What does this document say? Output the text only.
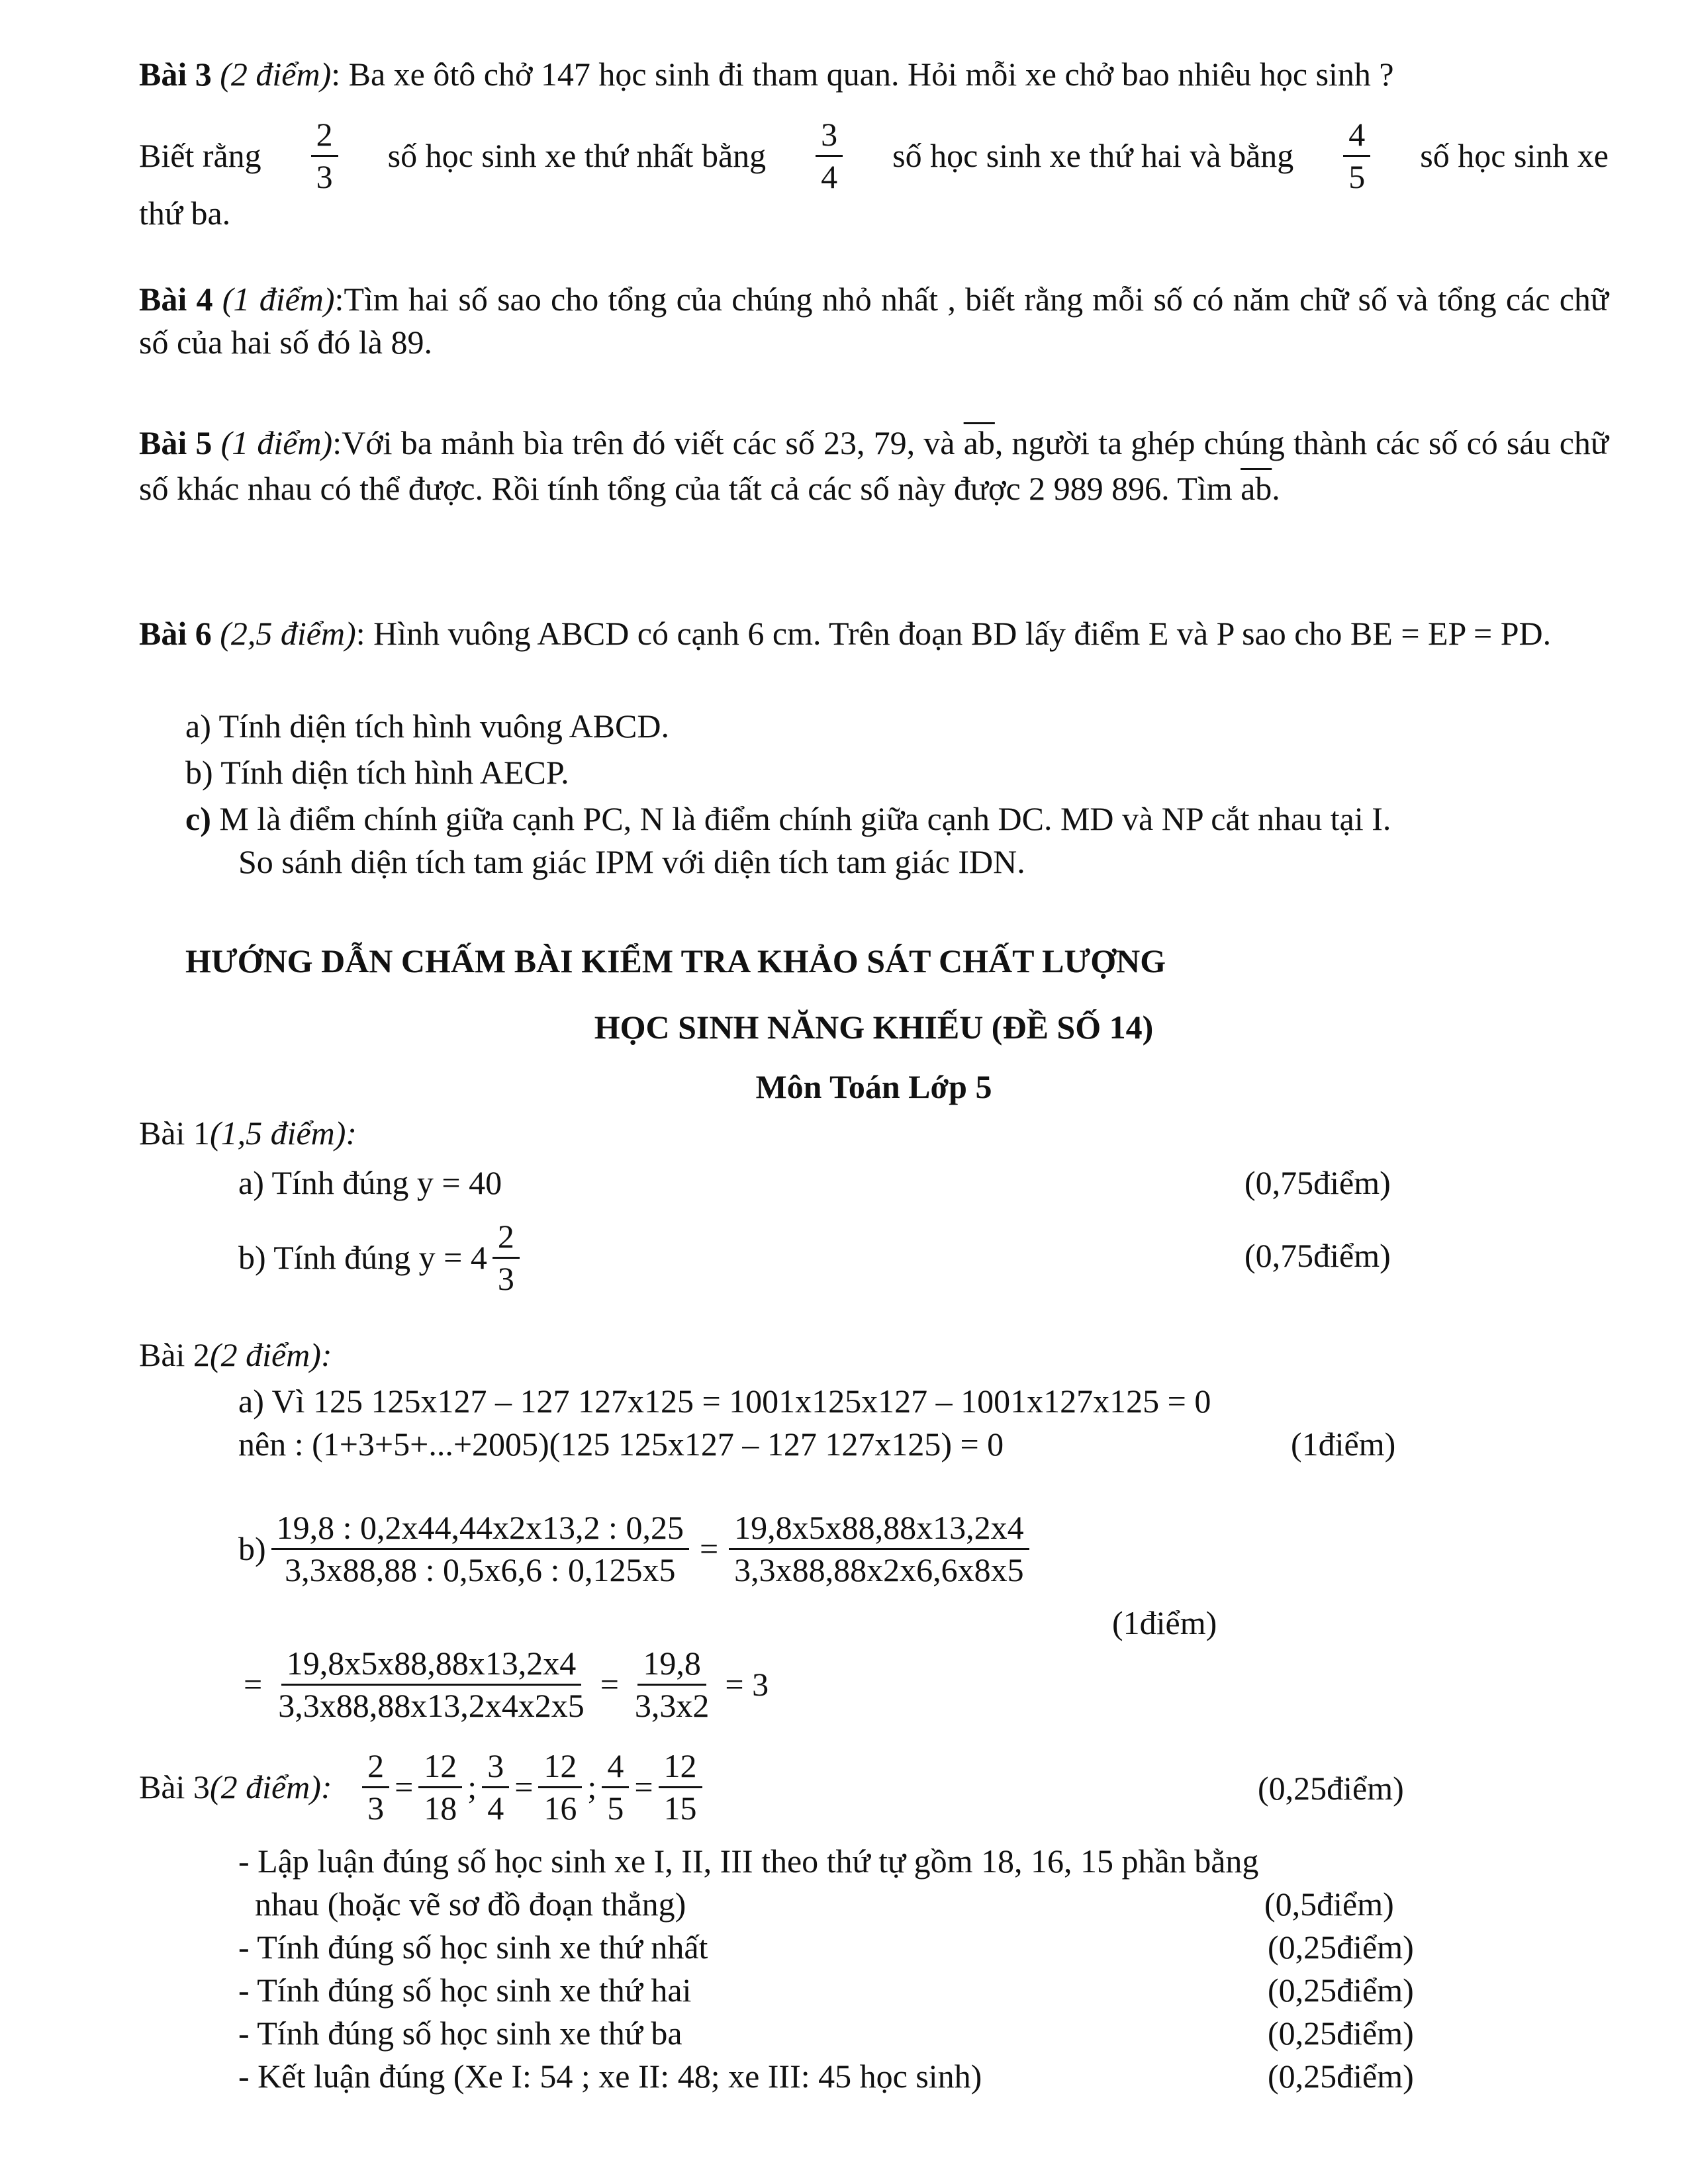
Bài 3 (2 điểm): Ba xe ôtô chở 147 học sinh đi tham quan. Hỏi mỗi xe chở bao nhiêu học sinh ?
Biết rằng $\frac{2}{3}$ số học sinh xe thứ nhất bằng $\frac{3}{4}$ số học sinh xe thứ hai và bằng $\frac{4}{5}$ số học sinh xe
thứ ba.
Bài 4 (1 điểm):Tìm hai số sao cho tổng của chúng nhỏ nhất , biết rằng mỗi số có năm chữ số và tổng các chữ số của hai số đó là 89.
Bài 5 (1 điểm):Với ba mảnh bìa trên đó viết các số 23, 79, và $\overline{ab}$, người ta ghép chúng thành các số có sáu chữ số khác nhau có thể được. Rồi tính tổng của tất cả các số này được 2 989 896. Tìm $\overline{ab}$.
Bài 6 (2,5 điểm): Hình vuông ABCD có cạnh 6 cm. Trên đoạn BD lấy điểm E và P sao cho BE = EP = PD.
a) Tính diện tích hình vuông ABCD.
b) Tính diện tích hình AECP.
c) M là điểm chính giữa cạnh PC, N là điểm chính giữa cạnh DC. MD và NP cắt nhau tại I.
So sánh diện tích tam giác IPM với diện tích tam giác IDN.
HƯỚNG DẪN CHẤM BÀI KIỂM TRA KHẢO SÁT CHẤT LƯỢNG
HỌC SINH NĂNG KHIẾU (ĐỀ SỐ 14)
Môn Toán Lớp 5
Bài 1(1,5 điểm):
a) Tính đúng y = 40	(0,75điểm)
b) Tính đúng y =
$4 \frac{2}{3}$	(0,75điểm)
Bài 2(2 điểm):
a) Vì 125 125x127 – 127 127x125 = 1001x125x127 – 1001x127x125 = 0
nên : (1+3+5+...+2005)(125 125x127 – 127 127x125) = 0	(1điểm)
$b) \frac{19,8 : 0,2x44,44x2x13,2 : 0,25}{3,3x88,88 : 0,5x6,6 : 0,125x5} = \frac{19,8x5x88,88x13,2x4}{3,3x88,88x2x6,6x8x5}$
(1điểm)
= $\frac{19,8x5x88,88x13,2x4}{3,3x88,88x13,2x4x2x5} = \frac{19,8}{3,3x2} = 3$
Bài 3 (2 điểm):
$\frac{2}{3} = \frac{12}{18}$ ; $\frac{3}{4} = \frac{12}{16}$ ; $\frac{4}{5} = \frac{12}{15}$	(0,25điểm)
- Lập luận đúng số học sinh xe I, II, III theo thứ tự gồm 18, 16, 15 phần bằng
nhau (hoặc vẽ sơ đồ đoạn thẳng)	(0,5điểm)
- Tính đúng số học sinh xe thứ nhất	(0,25điểm)
- Tính đúng số học sinh xe thứ hai	(0,25điểm)
- Tính đúng số học sinh xe thứ ba	(0,25điểm)
- Kết luận đúng (Xe I: 54 ; xe II: 48; xe III: 45 học sinh)	(0,25điểm)
